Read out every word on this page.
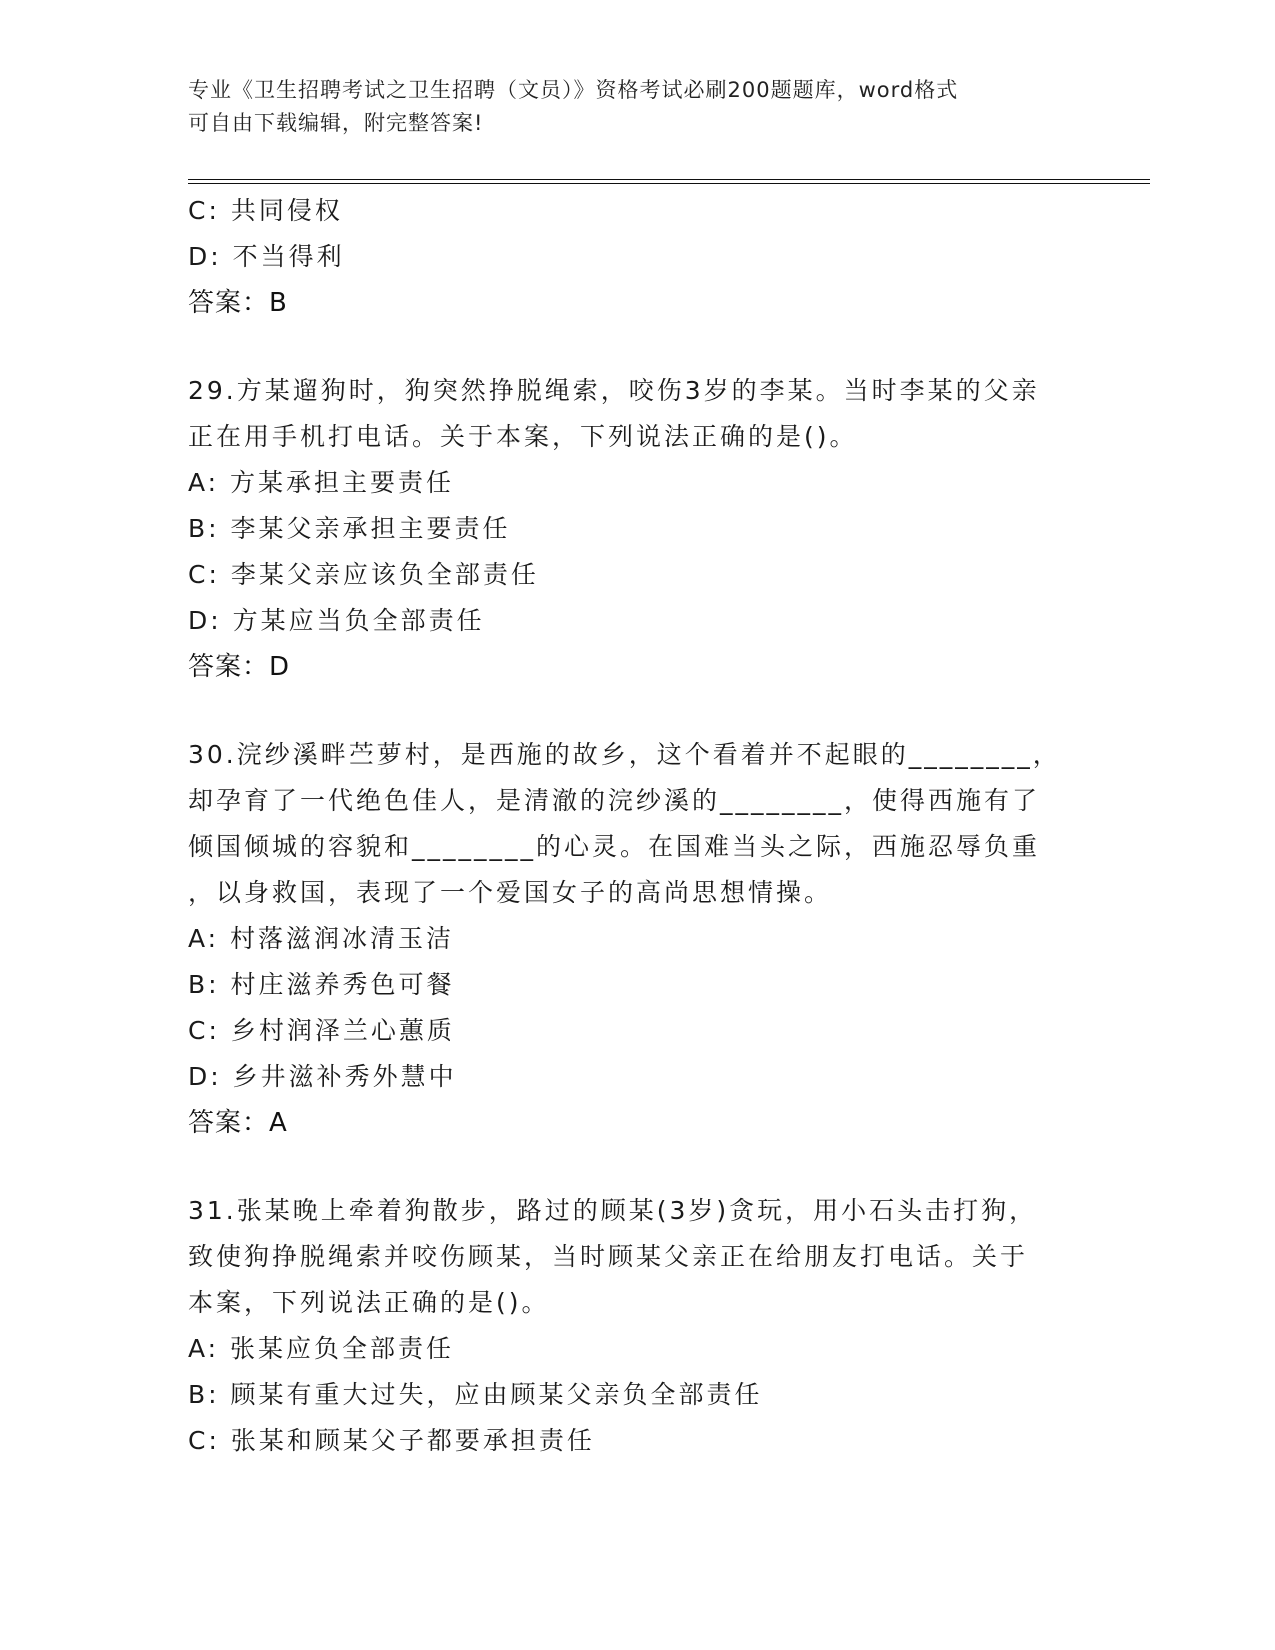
专业《卫生招聘考试之卫生招聘（文员）》资格考试必刷200题题库，word格式
可自由下载编辑，附完整答案!
C: 共同侵权
D: 不当得利
答案：B
29.方某遛狗时，狗突然挣脱绳索，咬伤3岁的李某。当时李某的父亲
正在用手机打电话。关于本案，下列说法正确的是()。
A: 方某承担主要责任
B: 李某父亲承担主要责任
C: 李某父亲应该负全部责任
D: 方某应当负全部责任
答案：D
30.浣纱溪畔苎萝村，是西施的故乡，这个看着并不起眼的________，
却孕育了一代绝色佳人，是清澈的浣纱溪的________，使得西施有了
倾国倾城的容貌和________的心灵。在国难当头之际，西施忍辱负重
，以身救国，表现了一个爱国女子的高尚思想情操。
A: 村落滋润冰清玉洁
B: 村庄滋养秀色可餐
C: 乡村润泽兰心蕙质
D: 乡井滋补秀外慧中
答案：A
31.张某晚上牵着狗散步，路过的顾某(3岁)贪玩，用小石头击打狗，
致使狗挣脱绳索并咬伤顾某，当时顾某父亲正在给朋友打电话。关于
本案，下列说法正确的是()。
A: 张某应负全部责任
B: 顾某有重大过失，应由顾某父亲负全部责任
C: 张某和顾某父子都要承担责任
